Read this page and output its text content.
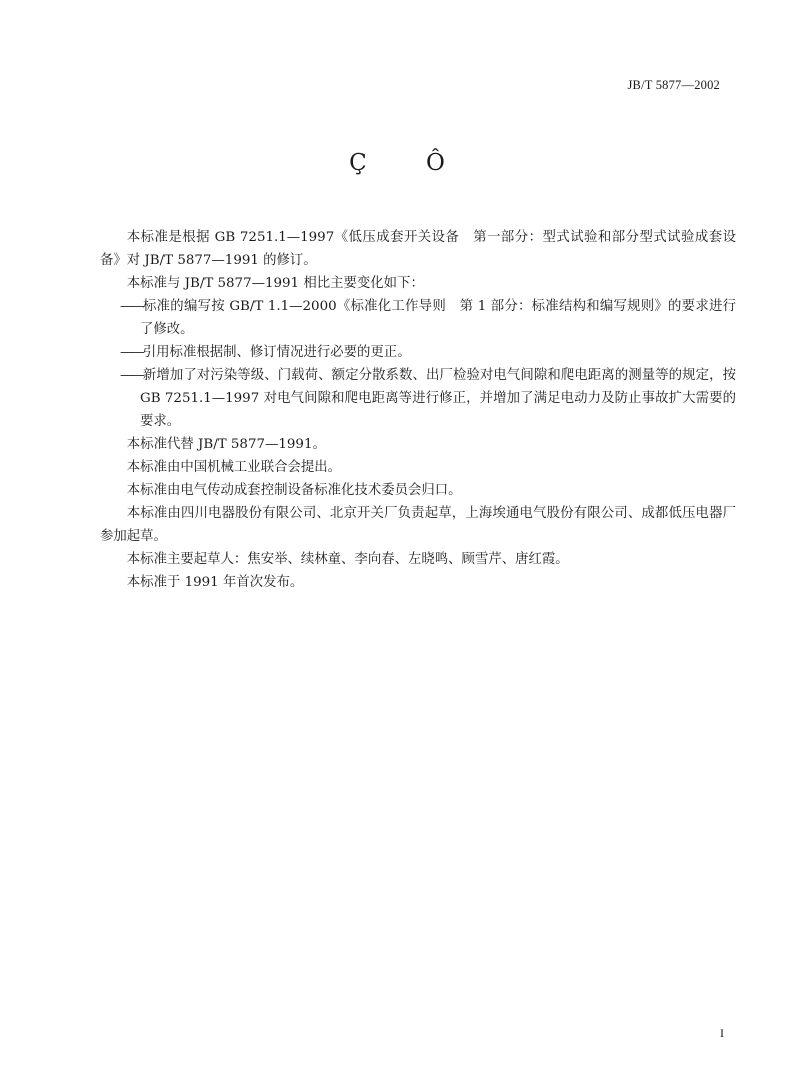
JB/T 5877—2002
Ç Ô

本标准是根据 GB 7251.1—1997《低压成套开关设备　第一部分：型式试验和部分型式试验成套设备》对 JB/T 5877—1991 的修订。

本标准与 JB/T 5877—1991 相比主要变化如下：

——标准的编写按 GB/T 1.1—2000《标准化工作导则　第 1 部分：标准结构和编写规则》的要求进行了修改。

——引用标准根据制、修订情况进行必要的更正。

——新增加了对污染等级、门载荷、额定分散系数、出厂检验对电气间隙和爬电距离的测量等的规定，按 GB 7251.1—1997 对电气间隙和爬电距离等进行修正，并增加了满足电动力及防止事故扩大需要的要求。

本标准代替 JB/T 5877—1991。

本标准由中国机械工业联合会提出。

本标准由电气传动成套控制设备标准化技术委员会归口。

本标准由四川电器股份有限公司、北京开关厂负责起草，上海埃通电气股份有限公司、成都低压电器厂参加起草。

本标准主要起草人：焦安举、续林童、李向春、左晓鸣、顾雪芹、唐红霞。

本标准于 1991 年首次发布。

I
